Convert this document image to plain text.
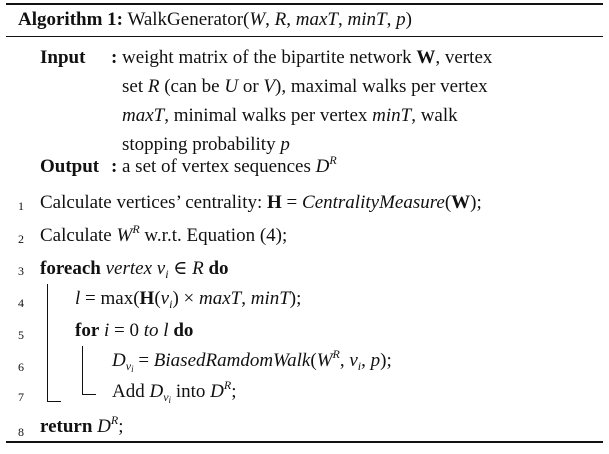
Algorithm 1: WalkGenerator(W, R, maxT, minT, p)
Input : weight matrix of the bipartite network W, vertex
set R (can be U or V), maximal walks per vertex
maxT, minimal walks per vertex minT, walk
stopping probability p
Output : a set of vertex sequences $D^R$
1 Calculate vertices’ centrality: H = CentralityMeasure(W);
2 Calculate $W^R$ w.r.t. Equation (4);
3 foreach vertex $v_i$ ∈ R do
4	$l = \max(H(v_i) \times \max T$, minT);
5	for i = 0 to l do
6	$D_{v_i}$ = $BiasedRamdomWalk(W^R$, $v_i$, p);
7	Add $D_{v_i}$ into $D^R$;
8 return $D^R$;
